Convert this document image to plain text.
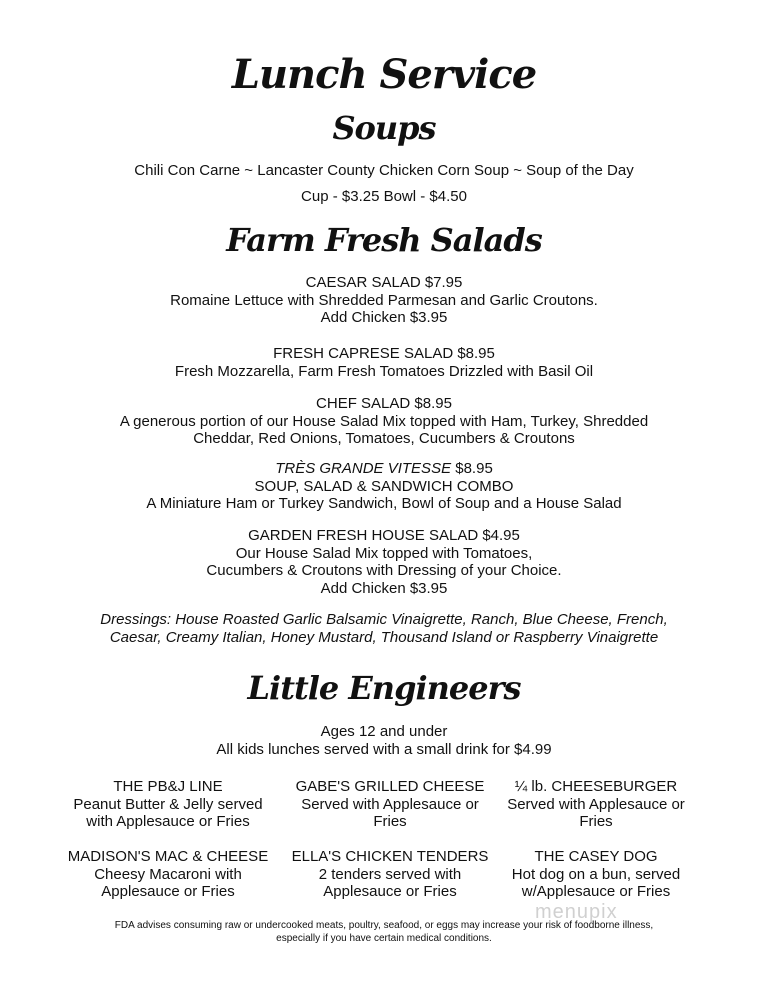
Lunch Service
Soups
Chili Con Carne ~ Lancaster County Chicken Corn Soup ~ Soup of the Day
Cup - $3.25 Bowl - $4.50
Farm Fresh Salads
CAESAR SALAD $7.95
Romaine Lettuce with Shredded Parmesan and Garlic Croutons.
Add Chicken $3.95
FRESH CAPRESE SALAD $8.95
Fresh Mozzarella, Farm Fresh Tomatoes Drizzled with Basil Oil
CHEF SALAD $8.95
A generous portion of our House Salad Mix topped with Ham, Turkey, Shredded
Cheddar, Red Onions, Tomatoes, Cucumbers & Croutons
TRÈS GRANDE VITESSE $8.95
SOUP, SALAD & SANDWICH COMBO
A Miniature Ham or Turkey Sandwich, Bowl of Soup and a House Salad
GARDEN FRESH HOUSE SALAD $4.95
Our House Salad Mix topped with Tomatoes,
Cucumbers & Croutons with Dressing of your Choice.
Add Chicken $3.95
Dressings: House Roasted Garlic Balsamic Vinaigrette, Ranch, Blue Cheese, French,
Caesar, Creamy Italian, Honey Mustard, Thousand Island or Raspberry Vinaigrette
Little Engineers
Ages 12 and under
All kids lunches served with a small drink for $4.99
THE PB&J LINE
Peanut Butter & Jelly served
with Applesauce or Fries
GABE'S GRILLED CHEESE
Served with Applesauce or
Fries
¼ lb. CHEESEBURGER
Served with Applesauce or
Fries
MADISON'S MAC & CHEESE
Cheesy Macaroni with
Applesauce or Fries
ELLA'S CHICKEN TENDERS
2 tenders served with
Applesauce or Fries
THE CASEY DOG
Hot dog on a bun, served
w/Applesauce or Fries
menupix
FDA advises consuming raw or undercooked meats, poultry, seafood, or eggs may increase your risk of foodborne illness,
especially if you have certain medical conditions.
